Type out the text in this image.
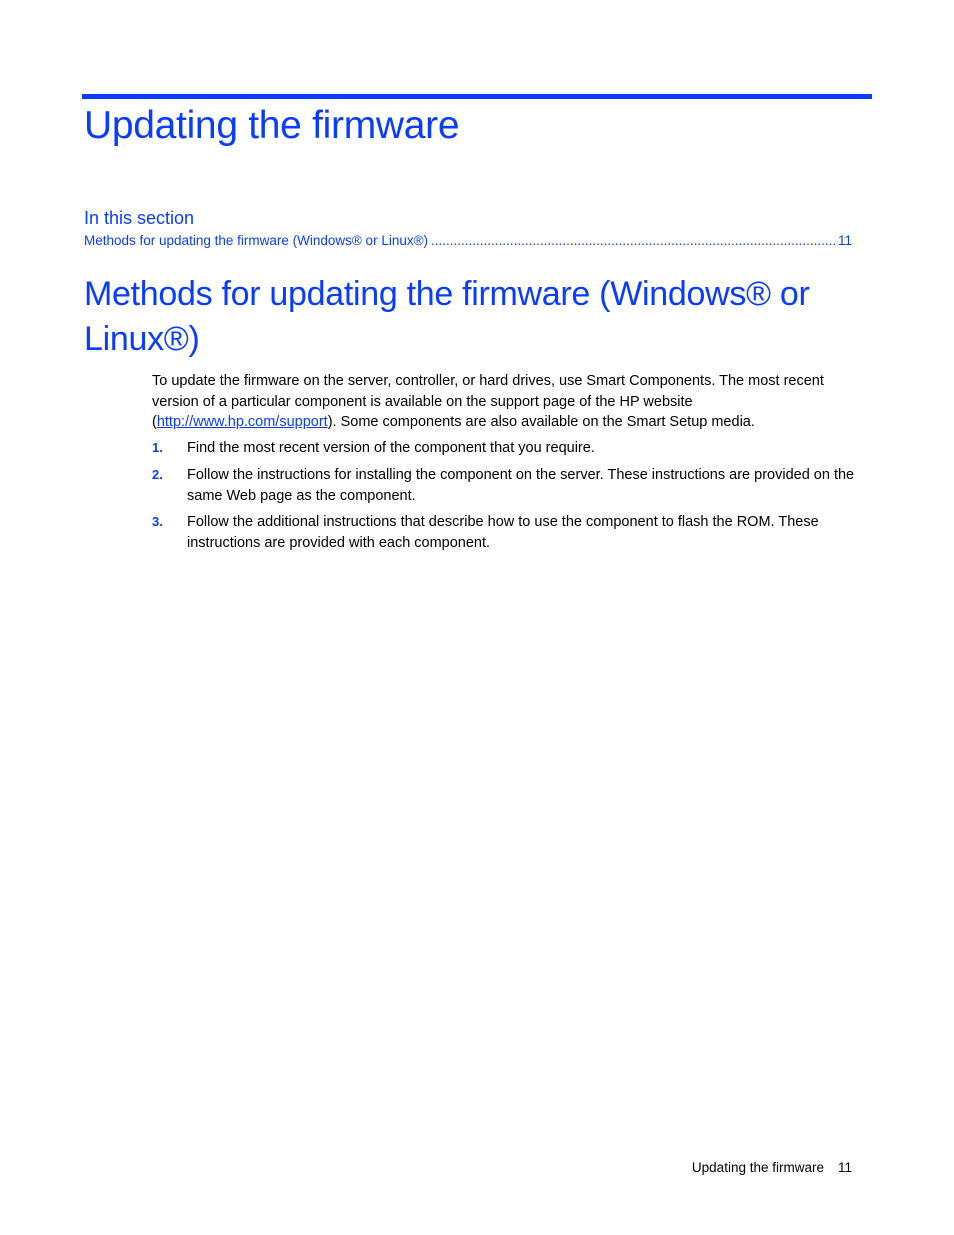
Updating the firmware
In this section
Methods for updating the firmware (Windows® or Linux®)
.....	11
Methods for updating the firmware (Windows® or Linux®)

To update the firmware on the server, controller, or hard drives, use Smart Components. The most recent version of a particular component is available on the support page of the HP website (http://www.hp.com/support). Some components are also available on the Smart Setup media.

1.	Find the most recent version of the component that you require.
2.	Follow the instructions for installing the component on the server. These instructions are provided on the same Web page as the component.
3.	Follow the additional instructions that describe how to use the component to flash the ROM. These instructions are provided with each component.
Updating the firmware 11
